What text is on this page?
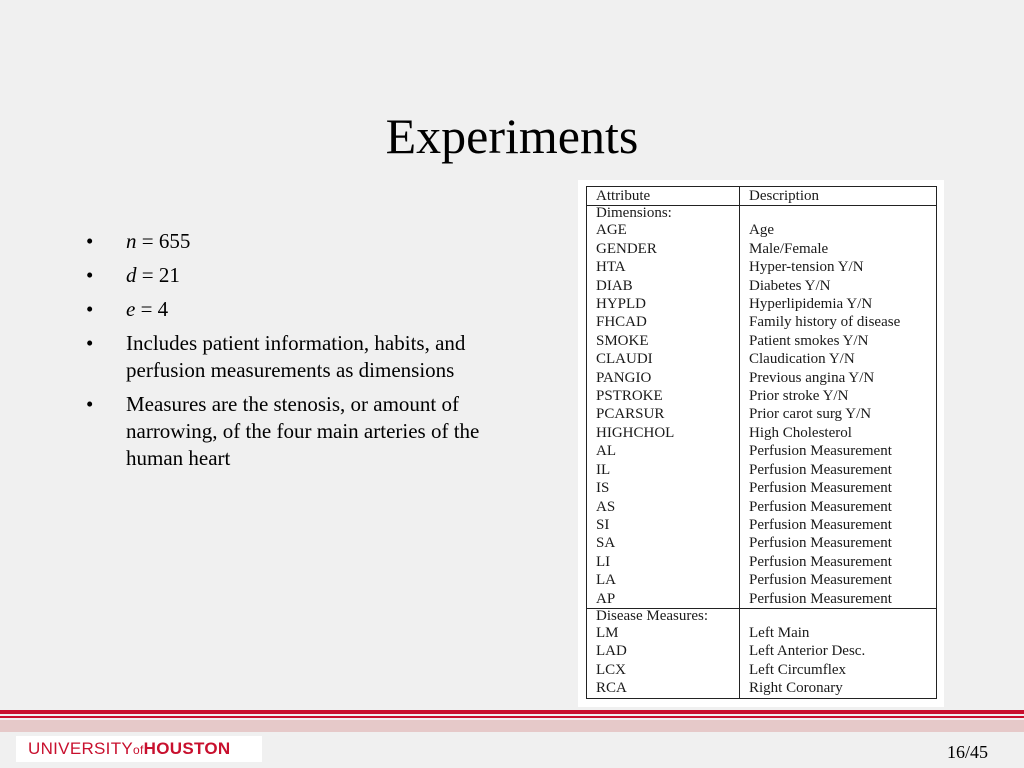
Experiments
• n = 655
• d = 21
• e = 4
• Includes patient information, habits, and perfusion measurements as dimensions
• Measures are the stenosis, or amount of narrowing, of the four main arteries of the human heart
Attribute	Description
Dimensions:	
AGE	Age
GENDER	Male/Female
HTA	Hyper-tension Y/N
DIAB	Diabetes Y/N
HYPLD	Hyperlipidemia Y/N
FHCAD	Family history of disease
SMOKE	Patient smokes Y/N
CLAUDI	Claudication Y/N
PANGIO	Previous angina Y/N
PSTROKE	Prior stroke Y/N
PCARSUR	Prior carot surg Y/N
HIGHCHOL	High Cholesterol
AL	Perfusion Measurement
IL	Perfusion Measurement
IS	Perfusion Measurement
AS	Perfusion Measurement
SI	Perfusion Measurement
SA	Perfusion Measurement
LI	Perfusion Measurement
LA	Perfusion Measurement
AP	Perfusion Measurement
Disease Measures:	
LM	Left Main
LAD	Left Anterior Desc.
LCX	Left Circumflex
RCA	Right Coronary
UNIVERSITYofHOUSTON	16/45
